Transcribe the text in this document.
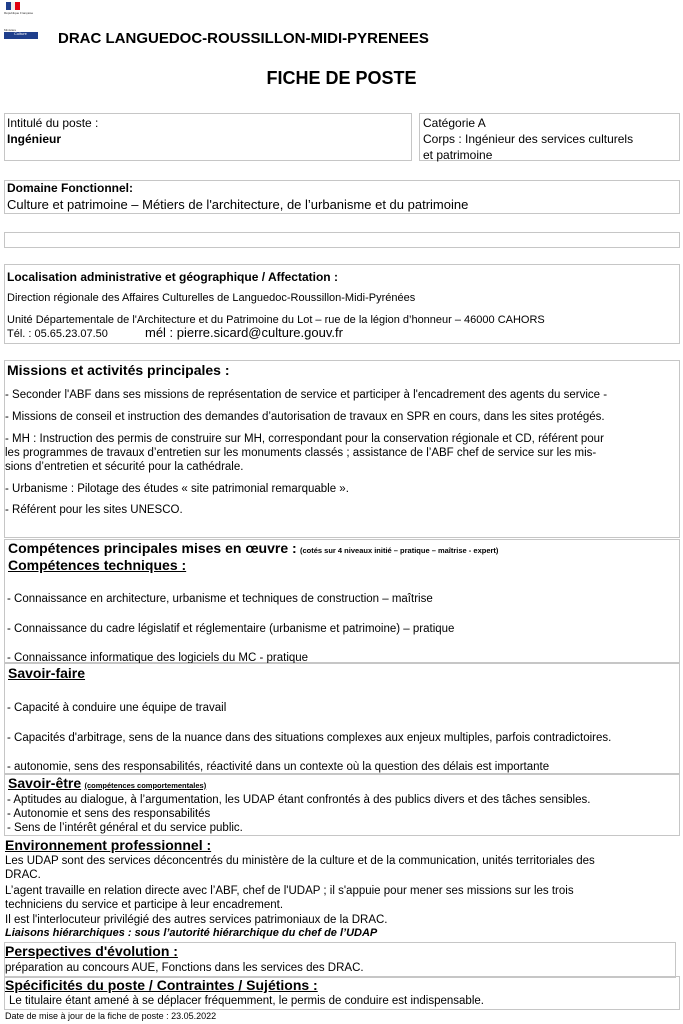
République Française
Ministère
Culture DRAC LANGUEDOC-ROUSSILLON-MIDI-PYRENEES
FICHE DE POSTE
Intitulé du poste :
Ingénieur
Catégorie A
Corps : Ingénieur des services culturels
et patrimoine
Domaine Fonctionnel:
Culture et patrimoine – Métiers de l'architecture, de l’urbanisme et du patrimoine
Localisation administrative et géographique / Affectation :
Direction régionale des Affaires Culturelles de Languedoc-Roussillon-Midi-Pyrénées
Unité Départementale de l'Architecture et du Patrimoine du Lot – rue de la légion d’honneur – 46000 CAHORS
Tél. : 05.65.23.07.50	mél : pierre.sicard@culture.gouv.fr
Missions et activités principales :
- Seconder l'ABF dans ses missions de représentation de service et participer à l'encadrement des agents du service -
- Missions de conseil et instruction des demandes d’autorisation de travaux en SPR en cours, dans les sites protégés.
- MH : Instruction des permis de construire sur MH, correspondant pour la conservation régionale et CD, référent pour
les programmes de travaux d’entretien sur les monuments classés ; assistance de l’ABF chef de service sur les mis-
sions d’entretien et sécurité pour la cathédrale.
- Urbanisme : Pilotage des études « site patrimonial remarquable ».
- Référent pour les sites UNESCO.
Compétences principales mises en œuvre : (cotés sur 4 niveaux initié – pratique – maîtrise - expert)
Compétences techniques :
- Connaissance en architecture, urbanisme et techniques de construction – maîtrise
- Connaissance du cadre législatif et réglementaire (urbanisme et patrimoine) – pratique
- Connaissance informatique des logiciels du MC - pratique
Savoir-faire
- Capacité à conduire une équipe de travail
- Capacités d'arbitrage, sens de la nuance dans des situations complexes aux enjeux multiples, parfois contradictoires.
- autonomie, sens des responsabilités, réactivité dans un contexte où la question des délais est importante
Savoir-être (compétences comportementales)
- Aptitudes au dialogue, à l’argumentation, les UDAP étant confrontés à des publics divers et des tâches sensibles.
- Autonomie et sens des responsabilités
- Sens de l’intérêt général et du service public.
Environnement professionnel :
Les UDAP sont des services déconcentrés du ministère de la culture et de la communication, unités territoriales des
DRAC.
L’agent travaille en relation directe avec l’ABF, chef de l'UDAP ; il s'appuie pour mener ses missions sur les trois
techniciens du service et participe à leur encadrement.
Il est l'interlocuteur privilégié des autres services patrimoniaux de la DRAC.
Liaisons hiérarchiques : sous l’autorité hiérarchique du chef de l’UDAP
Perspectives d'évolution :
préparation au concours AUE, Fonctions dans les services des DRAC.
Spécificités du poste / Contraintes / Sujétions :
Le titulaire étant amené à se déplacer fréquemment, le permis de conduire est indispensable.
Date de mise à jour de la fiche de poste : 23.05.2022
